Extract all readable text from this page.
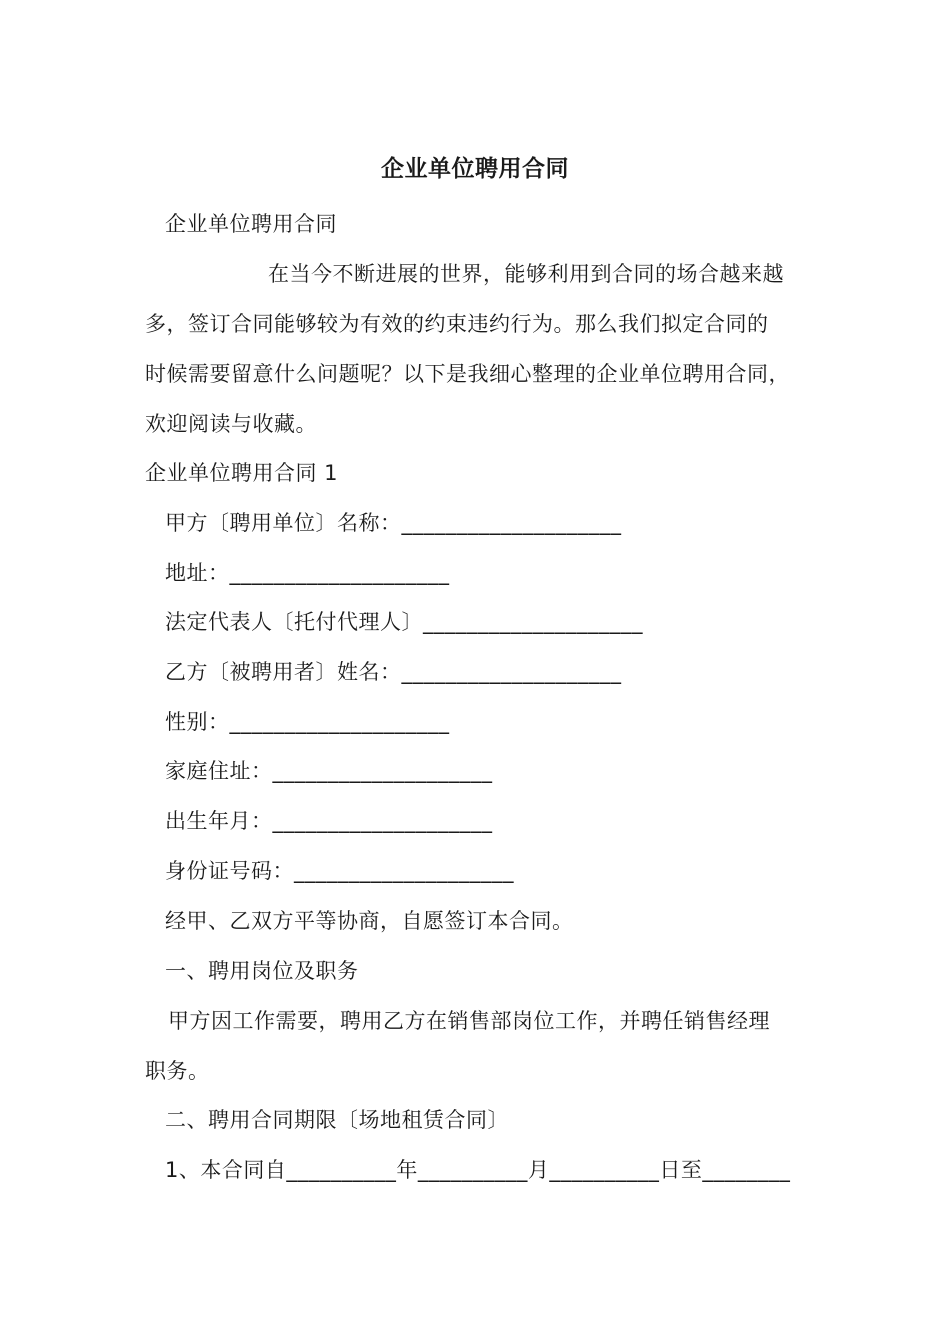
企业单位聘用合同
企业单位聘用合同
在当今不断进展的世界，能够利用到合同的场合越来越
多，签订合同能够较为有效的约束违约行为。那么我们拟定合同的
时候需要留意什么问题呢？以下是我细心整理的企业单位聘用合同，
欢迎阅读与收藏。
企业单位聘用合同 1
甲方〔聘用单位〕名称：____________________
地址：____________________
法定代表人〔托付代理人〕____________________
乙方〔被聘用者〕姓名：____________________
性别：____________________
家庭住址：____________________
出生年月：____________________
身份证号码：____________________
经甲、乙双方平等协商，自愿签订本合同。
一、聘用岗位及职务
甲方因工作需要，聘用乙方在销售部岗位工作，并聘任销售经理
职务。
二、聘用合同期限〔场地租赁合同〕
1、本合同自__________年__________月__________日至________
